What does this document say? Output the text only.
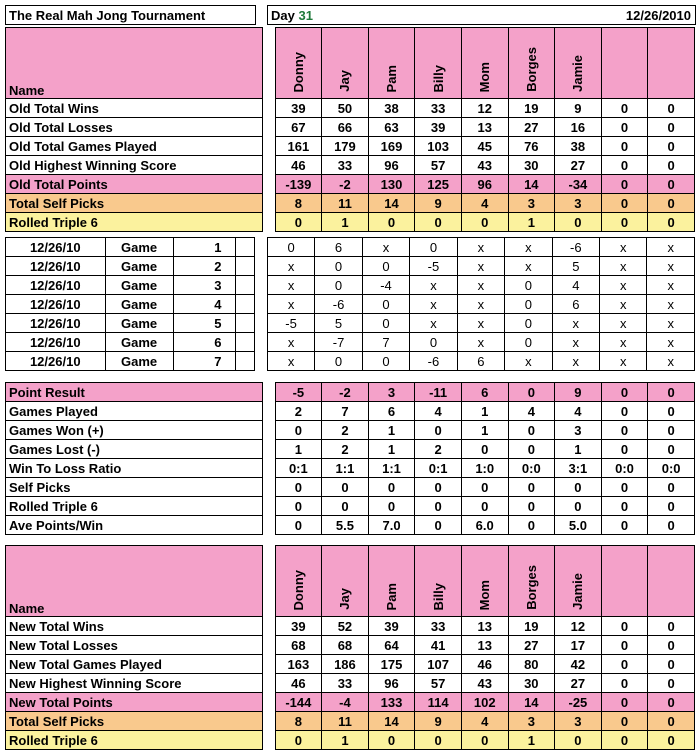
The Real Mah Jong Tournament		Day 31	12/26/2010
Name		Donny	Jay	Pam	Billy	Mom	Borges	Jamie		
Old Total Wins		39	50	38	33	12	19	9	0	0
Old Total Losses		67	66	63	39	13	27	16	0	0
Old Total Games Played		161	179	169	103	45	76	38	0	0
Old Highest Winning Score		46	33	96	57	43	30	27	0	0
Old Total Points		-139	-2	130	125	96	14	-34	0	0
Total Self Picks		8	11	14	9	4	3	3	0	0
Rolled Triple 6		0	1	0	0	0	1	0	0	0
12/26/10	Game	1			0	6	x	0	x	x	-6	x	x
12/26/10	Game	2			x	0	0	-5	x	x	5	x	x
12/26/10	Game	3			x	0	-4	x	x	0	4	x	x
12/26/10	Game	4			x	-6	0	x	x	0	6	x	x
12/26/10	Game	5			-5	5	0	x	x	0	x	x	x
12/26/10	Game	6			x	-7	7	0	x	0	x	x	x
12/26/10	Game	7			x	0	0	-6	6	x	x	x	x
Point Result		-5	-2	3	-11	6	0	9	0	0
Games Played		2	7	6	4	1	4	4	0	0
Games Won (+)		0	2	1	0	1	0	3	0	0
Games Lost (-)		1	2	1	2	0	0	1	0	0
Win To Loss Ratio		0:1	1:1	1:1	0:1	1:0	0:0	3:1	0:0	0:0
Self Picks		0	0	0	0	0	0	0	0	0
Rolled Triple 6		0	0	0	0	0	0	0	0	0
Ave Points/Win		0	5.5	7.0	0	6.0	0	5.0	0	0
Name		Donny	Jay	Pam	Billy	Mom	Borges	Jamie		
New Total Wins		39	52	39	33	13	19	12	0	0
New Total Losses		68	68	64	41	13	27	17	0	0
New Total Games Played		163	186	175	107	46	80	42	0	0
New Highest Winning Score		46	33	96	57	43	30	27	0	0
New Total Points		-144	-4	133	114	102	14	-25	0	0
Total Self Picks		8	11	14	9	4	3	3	0	0
Rolled Triple 6		0	1	0	0	0	1	0	0	0
